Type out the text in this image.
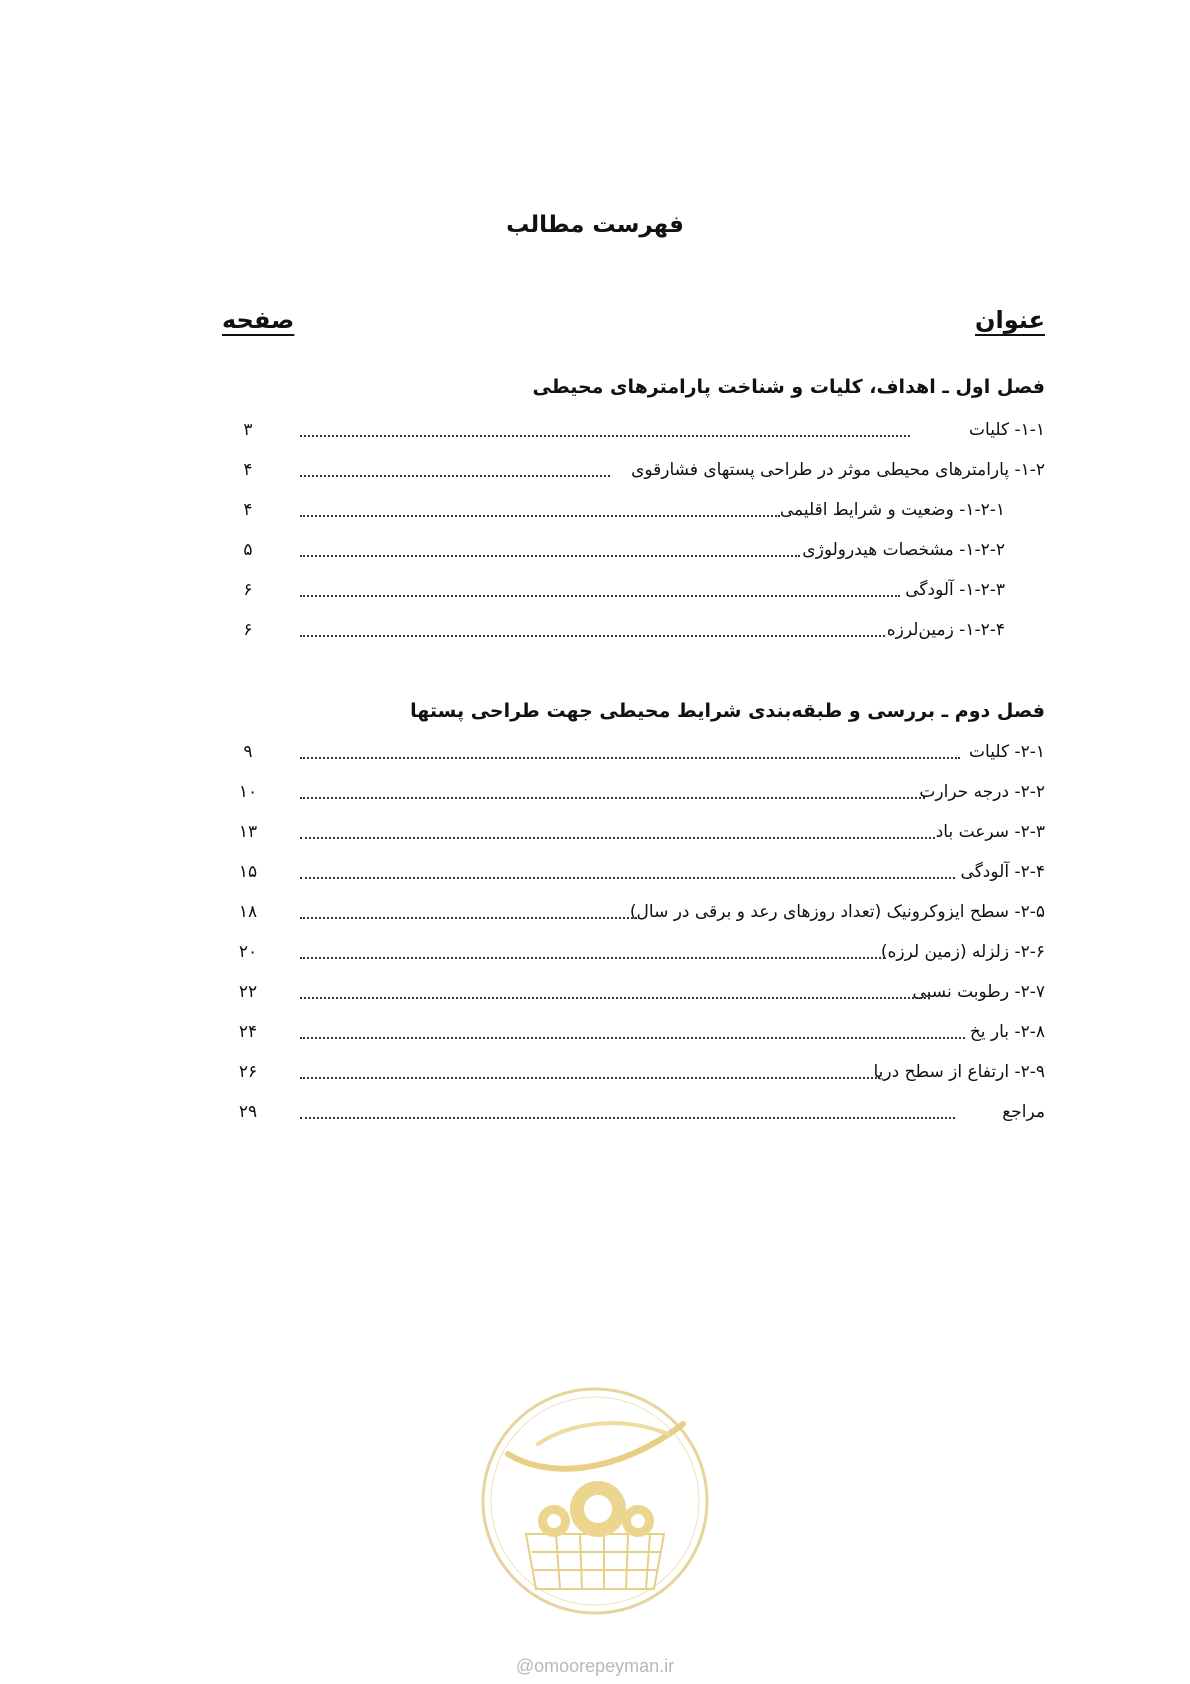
فهرست مطالب
عنوان
صفحه
فصل اول ـ اهداف، کلیات و شناخت پارامترهای محیطی
۱-۱- کلیات
۳
۱-۲- پارامترهای محیطی موثر در طراحی پستهای فشارقوی
۴
۱-۲-۱- وضعیت و شرایط اقلیمی
۴
۱-۲-۲- مشخصات هیدرولوژی
۵
۱-۲-۳- آلودگی
۶
۱-۲-۴- زمین‌لرزه
۶
فصل دوم ـ بررسی و طبقه‌بندی شرایط محیطی جهت طراحی پستها
۲-۱- کلیات
۹
۲-۲- درجه حرارت
۱۰
۲-۳- سرعت باد
۱۳
۲-۴- آلودگی
۱۵
۲-۵- سطح ایزوکرونیک (تعداد روزهای رعد و برقی در سال)
۱۸
۲-۶- زلزله (زمین لرزه)
۲۰
۲-۷- رطوبت نسبی
۲۲
۲-۸- بار یخ
۲۴
۲-۹- ارتفاع از سطح دریا
۲۶
مراجع
۲۹
@omoorepeyman.ir
